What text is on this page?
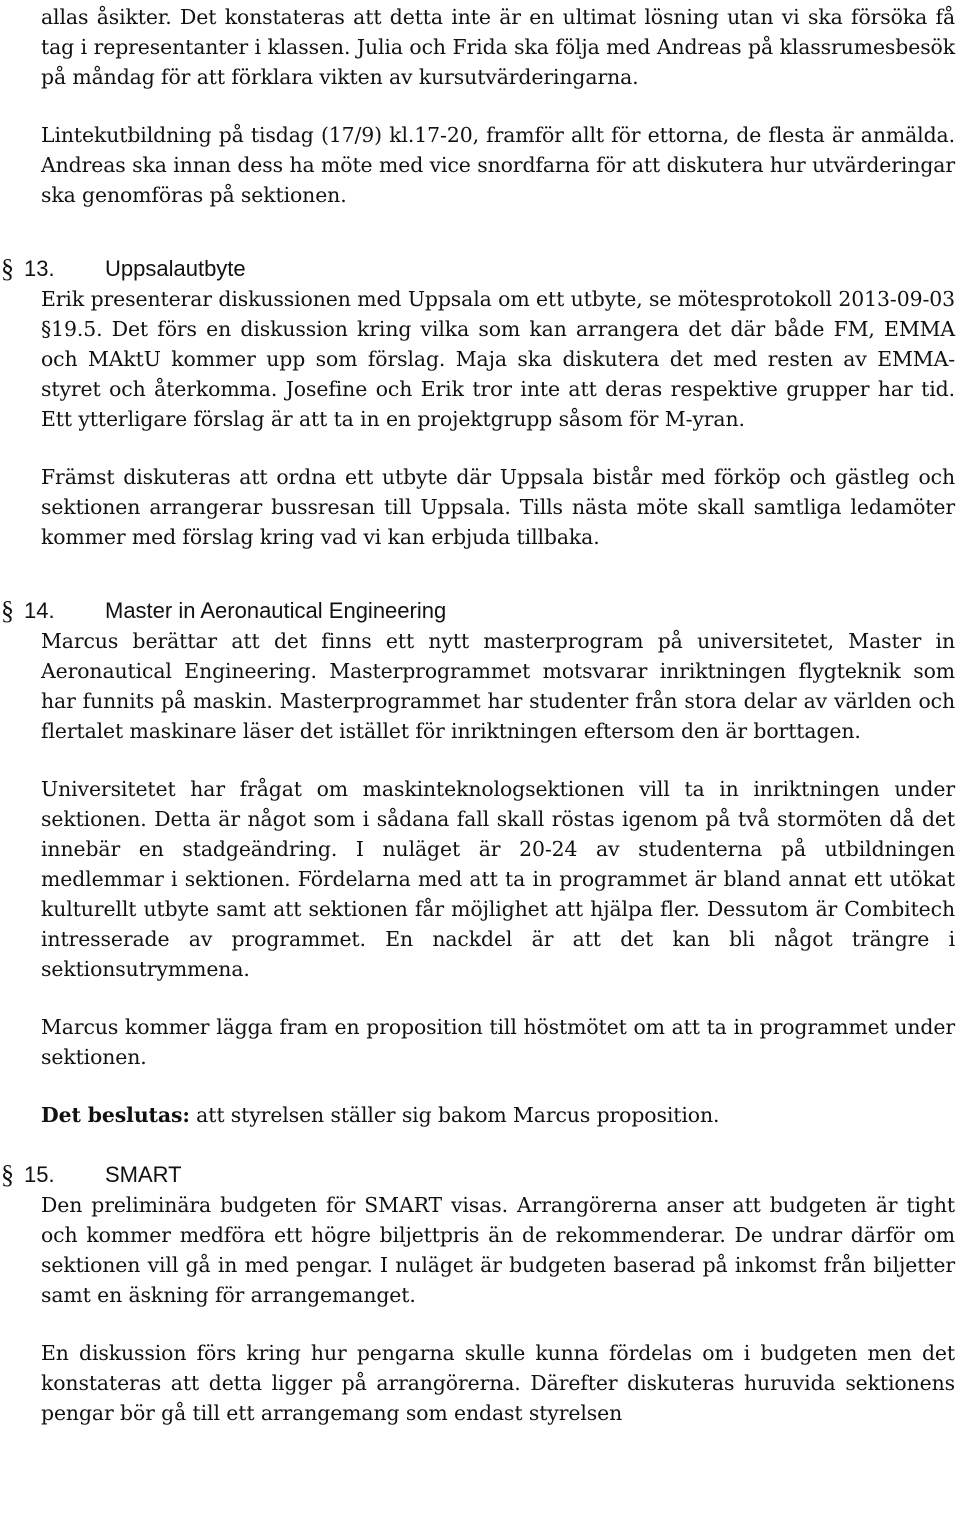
allas åsikter. Det konstateras att detta inte är en ultimat lösning utan vi ska försöka få tag i representanter i klassen. Julia och Frida ska följa med Andreas på klassrumesbesök på måndag för att förklara vikten av kursutvärderingarna.

Lintekutbildning på tisdag (17/9) kl.17-20, framför allt för ettorna, de flesta är anmälda. Andreas ska innan dess ha möte med vice snordfarna för att diskutera hur utvärderingar ska genomföras på sektionen.

§ 13. Uppsalautbyte

Erik presenterar diskussionen med Uppsala om ett utbyte, se mötesprotokoll 2013-09-03 §19.5. Det förs en diskussion kring vilka som kan arrangera det där både FM, EMMA och MAktU kommer upp som förslag. Maja ska diskutera det med resten av EMMA-styret och återkomma. Josefine och Erik tror inte att deras respektive grupper har tid. Ett ytterligare förslag är att ta in en projektgrupp såsom för M-yran.

Främst diskuteras att ordna ett utbyte där Uppsala bistår med förköp och gästleg och sektionen arrangerar bussresan till Uppsala. Tills nästa möte skall samtliga ledamöter kommer med förslag kring vad vi kan erbjuda tillbaka.

§ 14. Master in Aeronautical Engineering

Marcus berättar att det finns ett nytt masterprogram på universitetet, Master in Aeronautical Engineering. Masterprogrammet motsvarar inriktningen flygteknik som har funnits på maskin. Masterprogrammet har studenter från stora delar av världen och flertalet maskinare läser det istället för inriktningen eftersom den är borttagen.

Universitetet har frågat om maskinteknologsektionen vill ta in inriktningen under sektionen. Detta är något som i sådana fall skall röstas igenom på två stormöten då det innebär en stadgeändring. I nuläget är 20-24 av studenterna på utbildningen medlemmar i sektionen. Fördelarna med att ta in programmet är bland annat ett utökat kulturellt utbyte samt att sektionen får möjlighet att hjälpa fler. Dessutom är Combitech intresserade av programmet. En nackdel är att det kan bli något trängre i sektionsutrymmena.

Marcus kommer lägga fram en proposition till höstmötet om att ta in programmet under sektionen.

Det beslutas: att styrelsen ställer sig bakom Marcus proposition.

§ 15. SMART

Den preliminära budgeten för SMART visas. Arrangörerna anser att budgeten är tight och kommer medföra ett högre biljettpris än de rekommenderar. De undrar därför om sektionen vill gå in med pengar. I nuläget är budgeten baserad på inkomst från biljetter samt en äskning för arrangemanget.

En diskussion förs kring hur pengarna skulle kunna fördelas om i budgeten men det konstateras att detta ligger på arrangörerna. Därefter diskuteras huruvida sektionens pengar bör gå till ett arrangemang som endast styrelsen
